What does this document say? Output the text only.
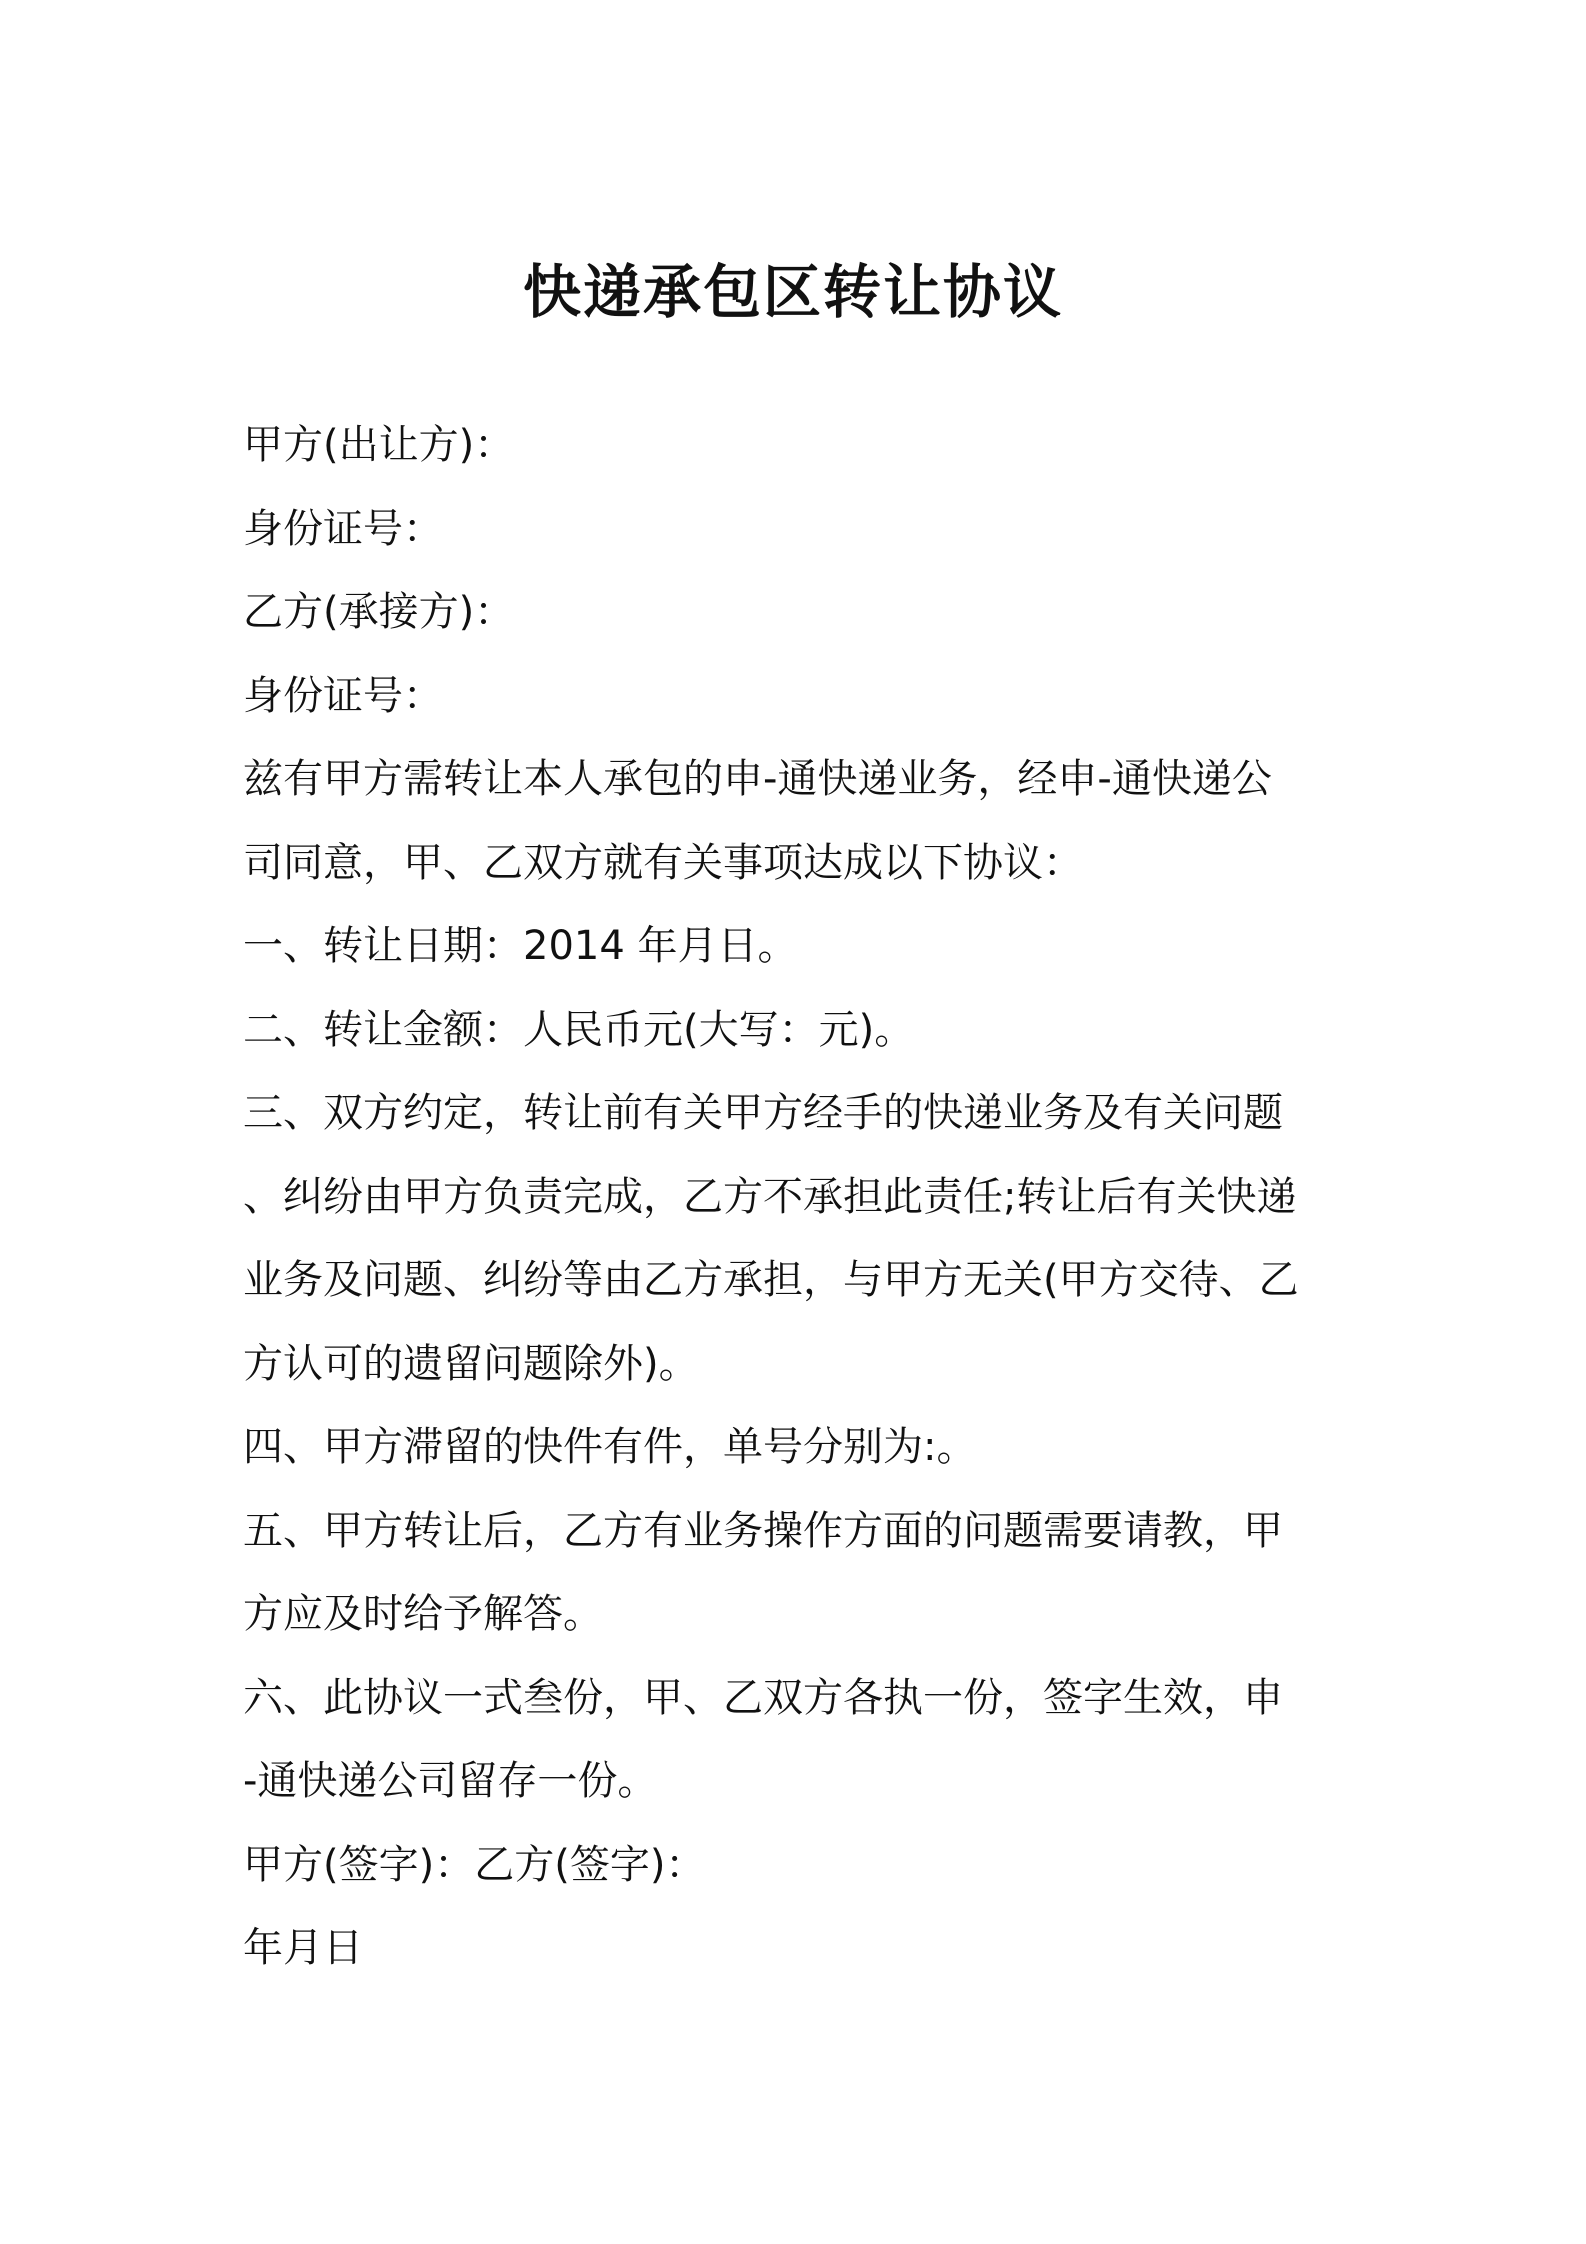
快递承包区转让协议
甲方(出让方)：
身份证号：
乙方(承接方)：
身份证号：
兹有甲方需转让本人承包的申-通快递业务，经申-通快递公
司同意，甲、乙双方就有关事项达成以下协议：
一、转让日期：2014 年月日。
二、转让金额：人民币元(大写：元)。
三、双方约定，转让前有关甲方经手的快递业务及有关问题
、纠纷由甲方负责完成，乙方不承担此责任;转让后有关快递
业务及问题、纠纷等由乙方承担，与甲方无关(甲方交待、乙
方认可的遗留问题除外)。
四、甲方滞留的快件有件，单号分别为:。
五、甲方转让后，乙方有业务操作方面的问题需要请教，甲
方应及时给予解答。
六、此协议一式叁份，甲、乙双方各执一份，签字生效，申
-通快递公司留存一份。
甲方(签字)：乙方(签字)：
年月日
